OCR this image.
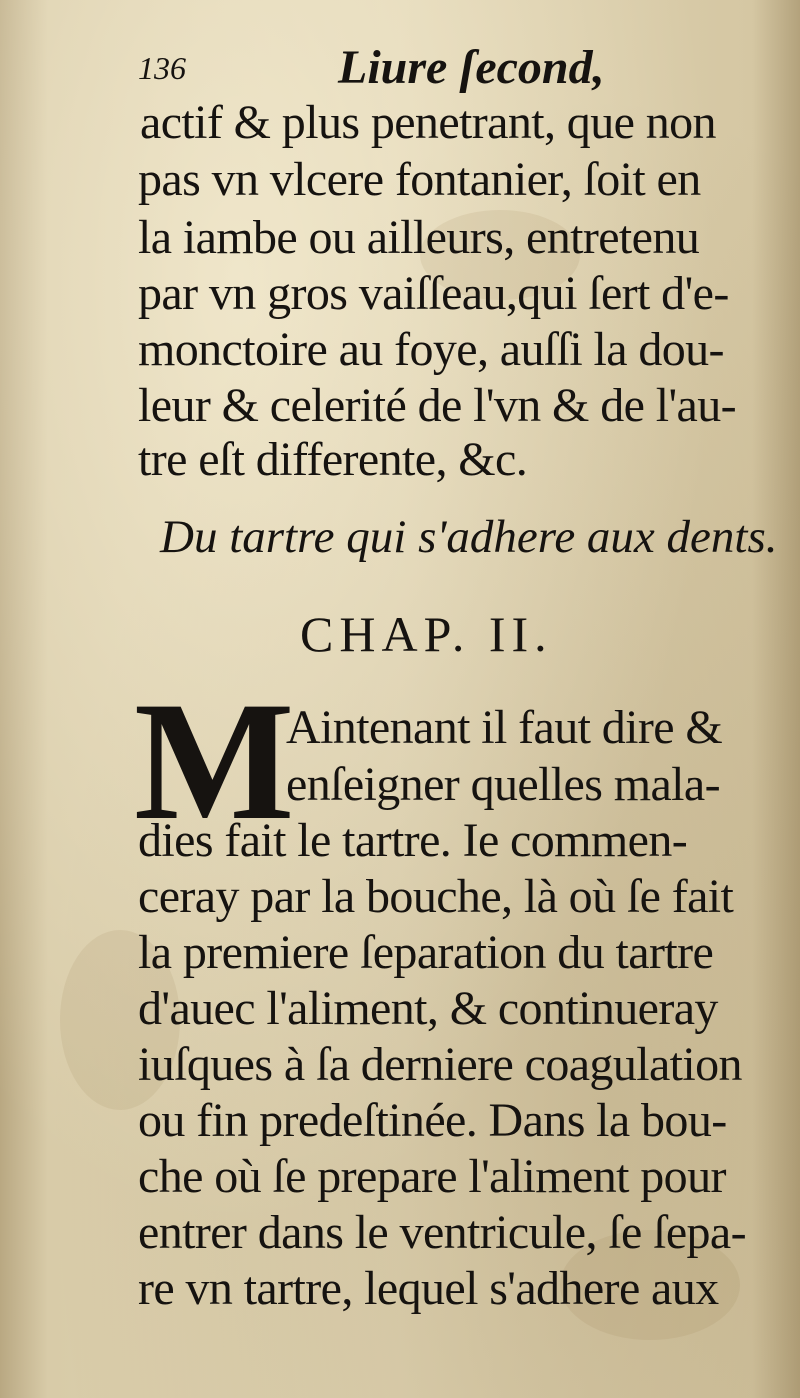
136	Liure ſecond,
actif & plus penetrant, que non
pas vn vlcere fontanier, ſoit en
la iambe ou ailleurs, entretenu
par vn gros vaiſſeau,qui ſert d'e-
monctoire au foye, auſſi la dou-
leur & celerité de l'vn & de l'au-
tre eſt differente, &c.
Du tartre qui s'adhere aux dents.
CHAP. II.
M
Aintenant il faut dire &
enſeigner quelles mala-
dies fait le tartre. Ie commen-
ceray par la bouche, là où ſe fait
la premiere ſeparation du tartre
d'auec l'aliment, & continueray
iuſques à ſa derniere coagulation
ou fin predeſtinée. Dans la bou-
che où ſe prepare l'aliment pour
entrer dans le ventricule, ſe ſepa-
re vn tartre, lequel s'adhere aux
